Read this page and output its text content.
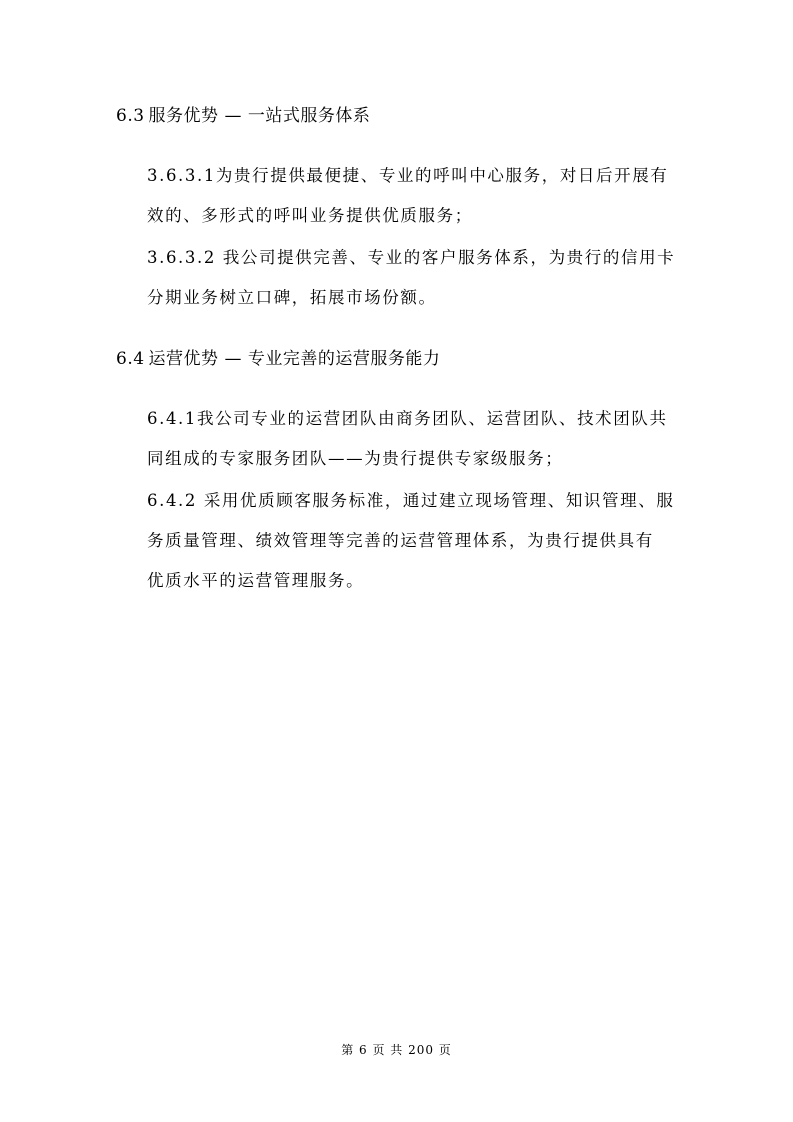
6.3 服务优势 — 一站式服务体系
3.6.3.1为贵行提供最便捷、专业的呼叫中心服务，对日后开展有
效的、多形式的呼叫业务提供优质服务；
3.6.3.2 我公司提供完善、专业的客户服务体系，为贵行的信用卡
分期业务树立口碑，拓展市场份额。
6.4 运营优势 — 专业完善的运营服务能力
6.4.1我公司专业的运营团队由商务团队、运营团队、技术团队共
同组成的专家服务团队——为贵行提供专家级服务；
6.4.2 采用优质顾客服务标准，通过建立现场管理、知识管理、服
务质量管理、绩效管理等完善的运营管理体系，为贵行提供具有
优质水平的运营管理服务。
第 6 页 共 200 页
